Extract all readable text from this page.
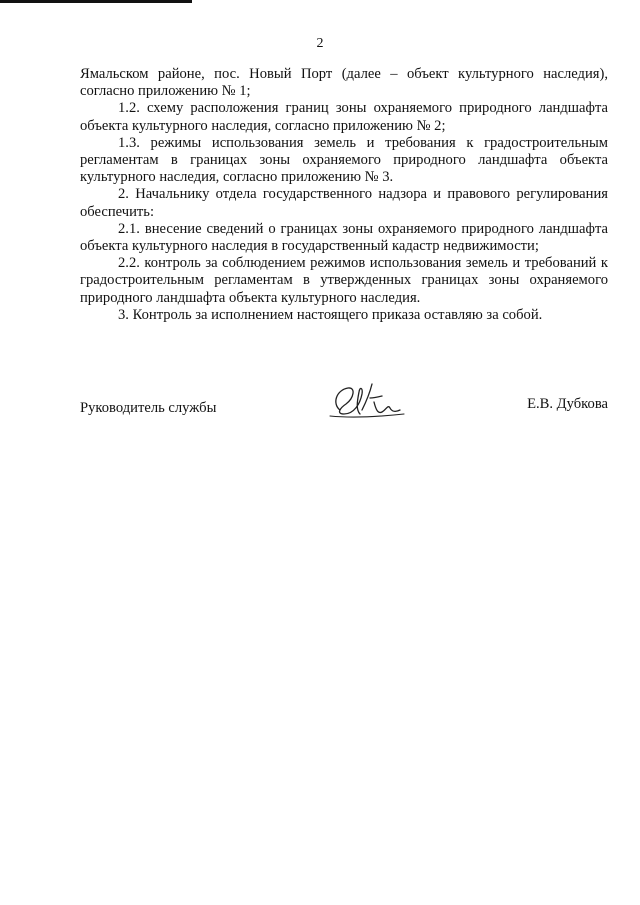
2

Ямальском районе, пос. Новый Порт (далее – объект культурного наследия), согласно приложению № 1;

1.2. схему расположения границ зоны охраняемого природного ландшафта объекта культурного наследия, согласно приложению № 2;

1.3. режимы использования земель и требования к градостроительным регламентам в границах зоны охраняемого природного ландшафта объекта культурного наследия, согласно приложению № 3.

2. Начальнику отдела государственного надзора и правового регулирования обеспечить:

2.1. внесение сведений о границах зоны охраняемого природного ландшафта объекта культурного наследия в государственный кадастр недвижимости;

2.2. контроль за соблюдением режимов использования земель и требований к градостроительным регламентам в утвержденных границах зоны охраняемого природного ландшафта объекта культурного наследия.

3. Контроль за исполнением настоящего приказа оставляю за собой.

Руководитель службы	Е.В. Дубкова
